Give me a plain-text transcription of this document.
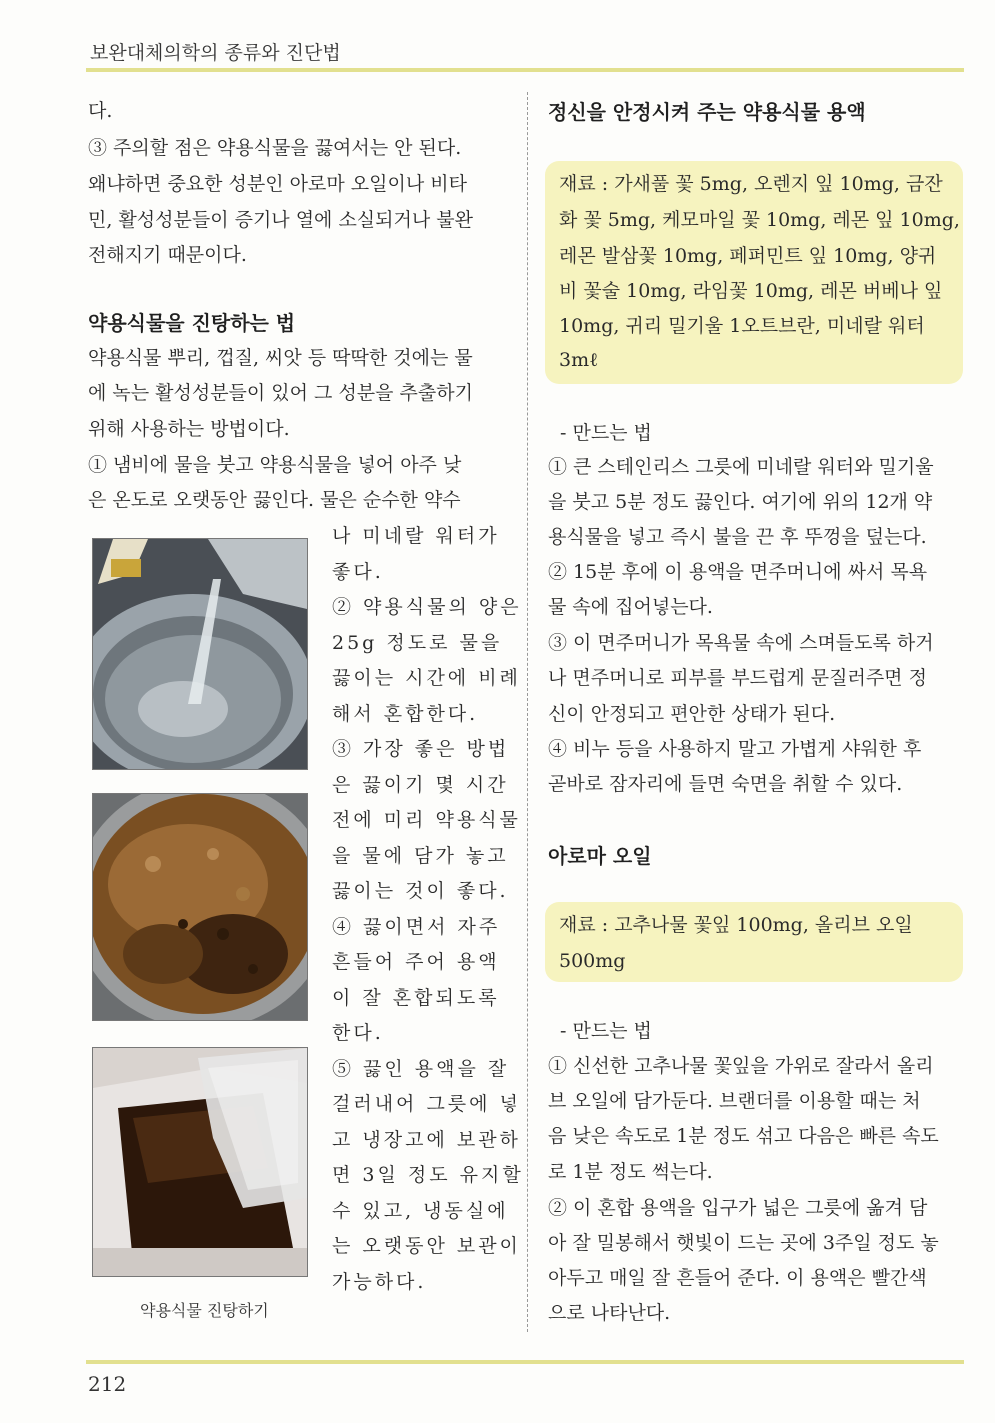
보완대체의학의 종류와 진단법
다.
③ 주의할 점은 약용식물을 끓여서는 안 된다.
왜냐하면 중요한 성분인 아로마 오일이나 비타
민, 활성성분들이 증기나 열에 소실되거나 불완
전해지기 때문이다.
약용식물을 진탕하는 법
약용식물 뿌리, 껍질, 씨앗 등 딱딱한 것에는 물
에 녹는 활성성분들이 있어 그 성분을 추출하기
위해 사용하는 방법이다.
① 냄비에 물을 붓고 약용식물을 넣어 아주 낮
은 온도로 오랫동안 끓인다. 물은 순수한 약수
나 미네랄 워터가
좋다.
② 약용식물의 양은
25g 정도로 물을
끓이는 시간에 비례
해서 혼합한다.
③ 가장 좋은 방법
은 끓이기 몇 시간
전에 미리 약용식물
을 물에 담가 놓고
끓이는 것이 좋다.
④ 끓이면서 자주
흔들어 주어 용액
이 잘 혼합되도록
한다.
⑤ 끓인 용액을 잘
걸러내어 그릇에 넣
고 냉장고에 보관하
면 3일 정도 유지할
수 있고, 냉동실에
는 오랫동안 보관이
가능하다.
약용식물 진탕하기
정신을 안정시켜 주는 약용식물 용액
재료 : 가새풀 꽃 5mg, 오렌지 잎 10mg, 금잔
화 꽃 5mg, 케모마일 꽃 10mg, 레몬 잎 10mg,
레몬 발삼꽃 10mg, 페퍼민트 잎 10mg, 양귀
비 꽃술 10mg, 라임꽃 10mg, 레몬 버베나 잎
10mg, 귀리 밀기울 1오트브란, 미네랄 워터
3mℓ
- 만드는 법
① 큰 스테인리스 그릇에 미네랄 워터와 밀기울
을 붓고 5분 정도 끓인다. 여기에 위의 12개 약
용식물을 넣고 즉시 불을 끈 후 뚜껑을 덮는다.
② 15분 후에 이 용액을 면주머니에 싸서 목욕
물 속에 집어넣는다.
③ 이 면주머니가 목욕물 속에 스며들도록 하거
나 면주머니로 피부를 부드럽게 문질러주면 정
신이 안정되고 편안한 상태가 된다.
④ 비누 등을 사용하지 말고 가볍게 샤워한 후
곧바로 잠자리에 들면 숙면을 취할 수 있다.
아로마 오일
재료 : 고추나물 꽃잎 100mg, 올리브 오일
500mg
- 만드는 법
① 신선한 고추나물 꽃잎을 가위로 잘라서 올리
브 오일에 담가둔다. 브랜더를 이용할 때는 처
음 낮은 속도로 1분 정도 섞고 다음은 빠른 속도
로 1분 정도 썩는다.
② 이 혼합 용액을 입구가 넓은 그릇에 옮겨 담
아 잘 밀봉해서 햇빛이 드는 곳에 3주일 정도 놓
아두고 매일 잘 흔들어 준다. 이 용액은 빨간색
으로 나타난다.
212
